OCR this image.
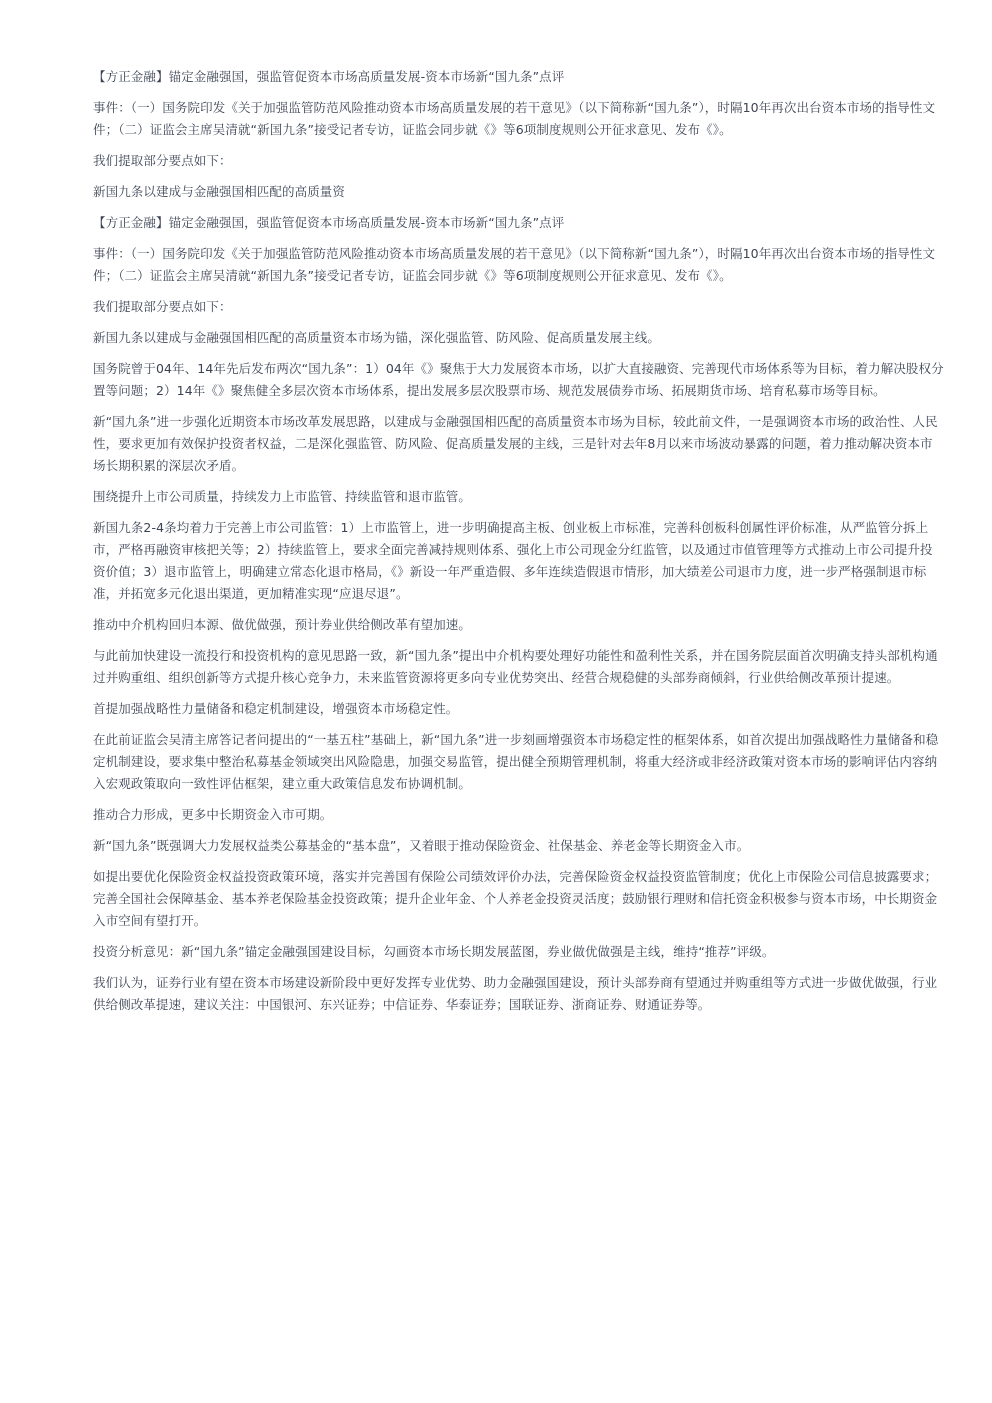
【方正金融】锚定金融强国，强监管促资本市场高质量发展-资本市场新“国九条”点评

事件：（一）国务院印发《关于加强监管防范风险推动资本市场高质量发展的若干意见》（以下简称新“国九条”），时隔10年再次出台资本市场的指导性文件；（二）证监会主席吴清就“新国九条”接受记者专访，证监会同步就《》等6项制度规则公开征求意见、发布《》。

我们提取部分要点如下：

新国九条以建成与金融强国相匹配的高质量资

【方正金融】锚定金融强国，强监管促资本市场高质量发展-资本市场新“国九条”点评

事件：（一）国务院印发《关于加强监管防范风险推动资本市场高质量发展的若干意见》（以下简称新“国九条”），时隔10年再次出台资本市场的指导性文件；（二）证监会主席吴清就“新国九条”接受记者专访，证监会同步就《》等6项制度规则公开征求意见、发布《》。

我们提取部分要点如下：

新国九条以建成与金融强国相匹配的高质量资本市场为锚，深化强监管、防风险、促高质量发展主线。

国务院曾于04年、14年先后发布两次“国九条”：1）04年《》聚焦于大力发展资本市场，以扩大直接融资、完善现代市场体系等为目标，着力解决股权分置等问题；2）14年《》聚焦健全多层次资本市场体系，提出发展多层次股票市场、规范发展债券市场、拓展期货市场、培育私募市场等目标。

新“国九条”进一步强化近期资本市场改革发展思路，以建成与金融强国相匹配的高质量资本市场为目标，较此前文件，一是强调资本市场的政治性、人民性，要求更加有效保护投资者权益，二是深化强监管、防风险、促高质量发展的主线，三是针对去年8月以来市场波动暴露的问题，着力推动解决资本市场长期积累的深层次矛盾。

围绕提升上市公司质量，持续发力上市监管、持续监管和退市监管。

新国九条2-4条均着力于完善上市公司监管：1）上市监管上，进一步明确提高主板、创业板上市标准，完善科创板科创属性评价标准，从严监管分拆上市，严格再融资审核把关等；2）持续监管上，要求全面完善减持规则体系、强化上市公司现金分红监管，以及通过市值管理等方式推动上市公司提升投资价值；3）退市监管上，明确建立常态化退市格局，《》新设一年严重造假、多年连续造假退市情形，加大绩差公司退市力度，进一步严格强制退市标准，并拓宽多元化退出渠道，更加精准实现“应退尽退”。

推动中介机构回归本源、做优做强，预计券业供给侧改革有望加速。

与此前加快建设一流投行和投资机构的意见思路一致，新“国九条”提出中介机构要处理好功能性和盈利性关系，并在国务院层面首次明确支持头部机构通过并购重组、组织创新等方式提升核心竞争力，未来监管资源将更多向专业优势突出、经营合规稳健的头部券商倾斜，行业供给侧改革预计提速。

首提加强战略性力量储备和稳定机制建设，增强资本市场稳定性。

在此前证监会吴清主席答记者问提出的“一基五柱”基础上，新“国九条”进一步刻画增强资本市场稳定性的框架体系，如首次提出加强战略性力量储备和稳定机制建设，要求集中整治私募基金领域突出风险隐患，加强交易监管，提出健全预期管理机制，将重大经济或非经济政策对资本市场的影响评估内容纳入宏观政策取向一致性评估框架，建立重大政策信息发布协调机制。

推动合力形成，更多中长期资金入市可期。

新“国九条”既强调大力发展权益类公募基金的“基本盘”，又着眼于推动保险资金、社保基金、养老金等长期资金入市。

如提出要优化保险资金权益投资政策环境，落实并完善国有保险公司绩效评价办法，完善保险资金权益投资监管制度；优化上市保险公司信息披露要求；完善全国社会保障基金、基本养老保险基金投资政策；提升企业年金、个人养老金投资灵活度；鼓励银行理财和信托资金积极参与资本市场，中长期资金入市空间有望打开。

投资分析意见：新“国九条”锚定金融强国建设目标，勾画资本市场长期发展蓝图，券业做优做强是主线，维持“推荐”评级。

我们认为，证券行业有望在资本市场建设新阶段中更好发挥专业优势、助力金融强国建设，预计头部券商有望通过并购重组等方式进一步做优做强，行业供给侧改革提速，建议关注：中国银河、东兴证券；中信证券、华泰证券；国联证券、浙商证券、财通证券等。
